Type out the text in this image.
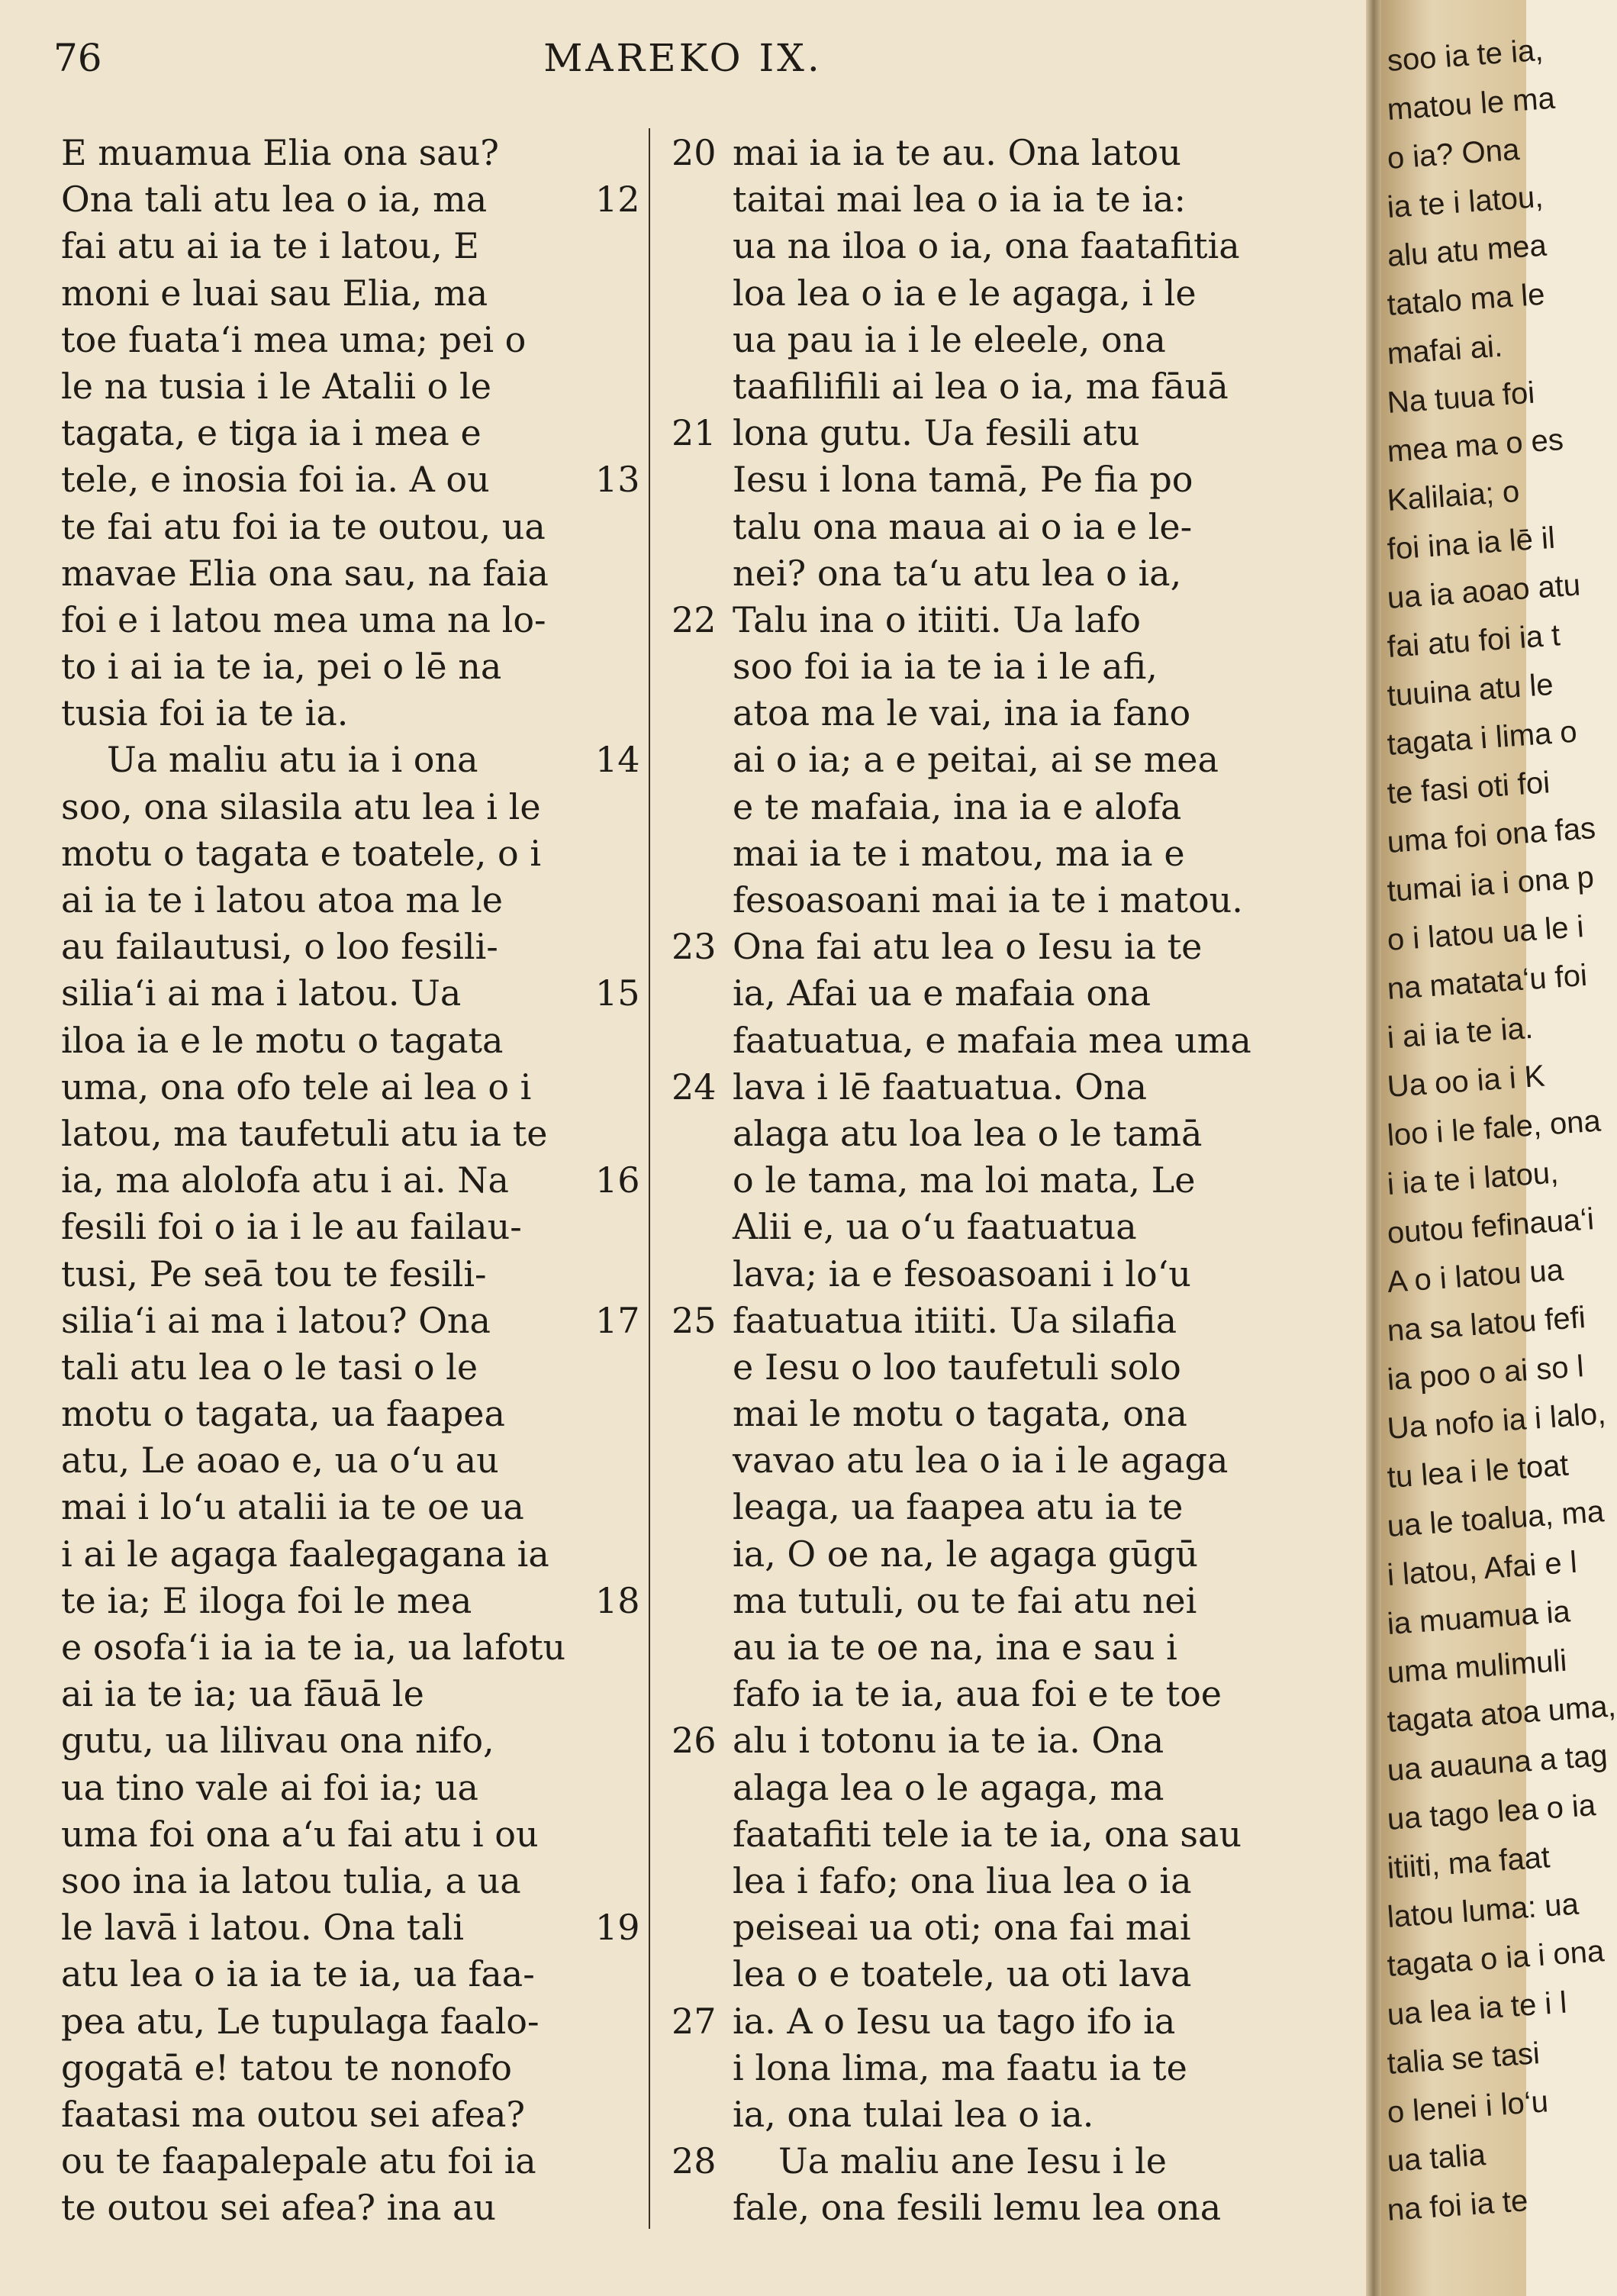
76	MAREKO IX.
E muamua Elia ona sau?
Ona tali atu lea o ia, ma	12
fai atu ai ia te i latou, E
moni e luai sau Elia, ma
toe fuata‘i mea uma; pei o
le na tusia i le Atalii o le
tagata, e tiga ia i mea e
tele, e inosia foi ia. A ou	13
te fai atu foi ia te outou, ua
mavae Elia ona sau, na faia
foi e i latou mea uma na lo-
to i ai ia te ia, pei o lē na
tusia foi ia te ia.
Ua maliu atu ia i ona	14
soo, ona silasila atu lea i le
motu o tagata e toatele, o i
ai ia te i latou atoa ma le
au failautusi, o loo fesili-
silia‘i ai ma i latou. Ua	15
iloa ia e le motu o tagata
uma, ona ofo tele ai lea o i
latou, ma taufetuli atu ia te
ia, ma alolofa atu i ai. Na 16
fesili foi o ia i le au failau-
tusi, Pe seā tou te fesili-
silia‘i ai ma i latou? Ona	17
tali atu lea o le tasi o le
motu o tagata, ua faapea
atu, Le aoao e, ua o‘u au
mai i lo‘u atalii ia te oe ua
i ai le agaga faalegagana ia
te ia; E iloga foi le mea	18
e osofa‘i ia ia te ia, ua lafotu
ai ia te ia; ua fāuā le
gutu, ua lilivau ona nifo,
ua tino vale ai foi ia; ua
uma foi ona a‘u fai atu i ou
soo ina ia latou tulia, a ua
le lavā i latou. Ona tali	19
atu lea o ia ia te ia, ua faa-
pea atu, Le tupulaga faalo-
gogatā e! tatou te nonofo
faatasi ma outou sei afea?
ou te faapalepale atu foi ia
te outou sei afea? ina au
mai ia ia te au. Ona latou
20
taitai mai lea o ia ia te ia:
ua na iloa o ia, ona faatafitia
loa lea o ia e le agaga, i le
ua pau ia i le eleele, ona
taafilifili ai lea o ia, ma fāuā
lona gutu. Ua fesili atu
21
Iesu i lona tamā, Pe fia po
talu ona maua ai o ia e le-
nei? ona ta‘u atu lea o ia,
Talu ina o itiiti. Ua lafo
22
soo foi ia ia te ia i le afi,
atoa ma le vai, ina ia fano
ai o ia; a e peitai, ai se mea
e te mafaia, ina ia e alofa
mai ia te i matou, ma ia e
fesoasoani mai ia te i matou.
Ona fai atu lea o Iesu ia te
23
ia, Afai ua e mafaia ona
faatuatua, e mafaia mea uma
lava i lē faatuatua. Ona
24
alaga atu loa lea o le tamā
o le tama, ma loi mata, Le
Alii e, ua o‘u faatuatua
lava; ia e fesoasoani i lo‘u
faatuatua itiiti. Ua silafia
25
e Iesu o loo taufetuli solo
mai le motu o tagata, ona
vavao atu lea o ia i le agaga
leaga, ua faapea atu ia te
ia, O oe na, le agaga gūgū
ma tutuli, ou te fai atu nei
au ia te oe na, ina e sau i
fafo ia te ia, aua foi e te toe
alu i totonu ia te ia. Ona
26
alaga lea o le agaga, ma
faatafiti tele ia te ia, ona sau
lea i fafo; ona liua lea o ia
peiseai ua oti; ona fai mai
lea o e toatele, ua oti lava
ia. A o Iesu ua tago ifo ia
27
i lona lima, ma faatu ia te
ia, ona tulai lea o ia.
Ua maliu ane Iesu i le
28
fale, ona fesili lemu lea ona
soo ia te ia,
matou le ma
o ia? Ona
ia te i latou,
alu atu mea
tatalo ma le
mafai ai.
Na tuua foi
mea ma o es
Kalilaia; o
foi ina ia lē il
ua ia aoao atu
fai atu foi ia t
tuuina atu le
tagata i lima o
te fasi oti foi
uma foi ona fas
tumai ia i ona p
o i latou ua le i
na matata‘u foi
i ai ia te ia.
Ua oo ia i K
loo i le fale, ona
i ia te i latou,
outou fefinaua‘i
A o i latou ua
na sa latou fefi
ia poo o ai so l
Ua nofo ia i lalo,
tu lea i le toat
ua le toalua, ma
i latou, Afai e l
ia muamua ia
uma mulimuli
tagata atoa uma,
ua auauna a tag
ua tago lea o ia
itiiti, ma faat
latou luma: ua
tagata o ia i ona
ua lea ia te i l
talia se tasi
o lenei i lo‘u
ua talia
na foi ia te
